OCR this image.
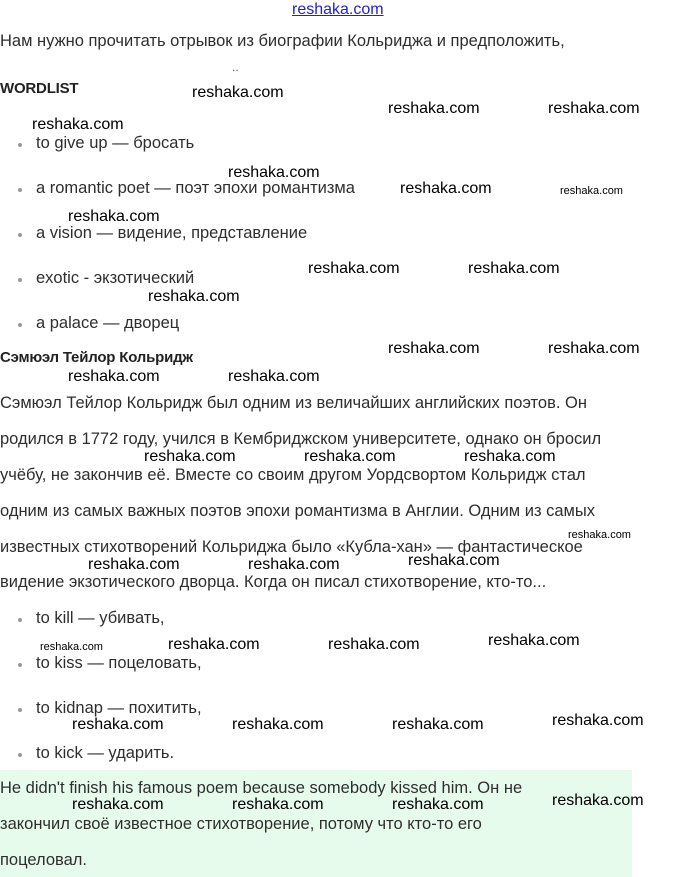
reshaka.com
Нам нужно прочитать отрывок из биографии Кольриджа и предположить,
..
WORDLIST
to give up — бросать
a romantic poet — поэт эпохи романтизма
a vision — видение, представление
exotic - экзотический
a palace — дворец
Сэмюэл Тейлор Кольридж
Сэмюэл Тейлор Кольридж был одним из величайших английских поэтов. Он
родился в 1772 году, учился в Кембриджском университете, однако он бросил
учёбу, не закончив её. Вместе со своим другом Уордсвортом Кольридж стал
одним из самых важных поэтов эпохи романтизма в Англии. Одним из самых
известных стихотворений Кольриджа было «Кубла-хан» — фантастическое
видение экзотического дворца. Когда он писал стихотворение, кто-то...
to kill — убивать,
to kiss — поцеловать,
to kidnap — похитить,
to kick — ударить.
He didn't finish his famous poem because somebody kissed him. Он не
закончил своё известное стихотворение, потому что кто-то его
поцеловал.
reshaka.com
reshaka.com	reshaka.com
reshaka.com
reshaka.com
reshaka.com	reshaka.com
reshaka.com
reshaka.com	reshaka.com
reshaka.com
reshaka.com	reshaka.com
reshaka.com	reshaka.com
reshaka.com	reshaka.com	reshaka.com
reshaka.com
reshaka.com
reshaka.com	reshaka.com
reshaka.com
reshaka.com	reshaka.com	reshaka.com
reshaka.com
reshaka.com	reshaka.com	reshaka.com
reshaka.com
reshaka.com	reshaka.com	reshaka.com
